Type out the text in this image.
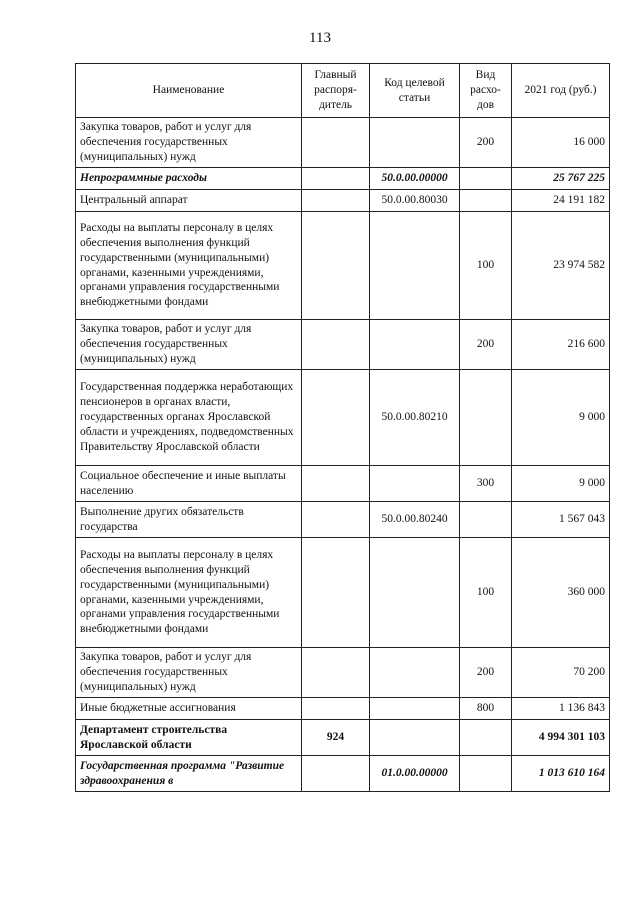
113
Наименование	Главный распоря-дитель	Код целевой статьи	Вид расхо-дов	2021 год (руб.)
Закупка товаров, работ и услуг для обеспечения государственных (муниципальных) нужд			200	16 000
Непрограммные расходы		50.0.00.00000		25 767 225
Центральный аппарат		50.0.00.80030		24 191 182
Расходы на выплаты персоналу в целях обеспечения выполнения функций государственными (муниципальными) органами, казенными учреждениями, органами управления государственными внебюджетными фондами			100	23 974 582
Закупка товаров, работ и услуг для обеспечения государственных (муниципальных) нужд			200	216 600
Государственная поддержка неработающих пенсионеров в органах власти, государственных органах Ярославской области и учреждениях, подведомственных Правительству Ярославской области		50.0.00.80210		9 000
Социальное обеспечение и иные выплаты населению			300	9 000
Выполнение других обязательств государства		50.0.00.80240		1 567 043
Расходы на выплаты персоналу в целях обеспечения выполнения функций государственными (муниципальными) органами, казенными учреждениями, органами управления государственными внебюджетными фондами			100	360 000
Закупка товаров, работ и услуг для обеспечения государственных (муниципальных) нужд			200	70 200
Иные бюджетные ассигнования			800	1 136 843
Департамент строительства Ярославской области	924			4 994 301 103
Государственная программа "Развитие здравоохранения в		01.0.00.00000		1 013 610 164
